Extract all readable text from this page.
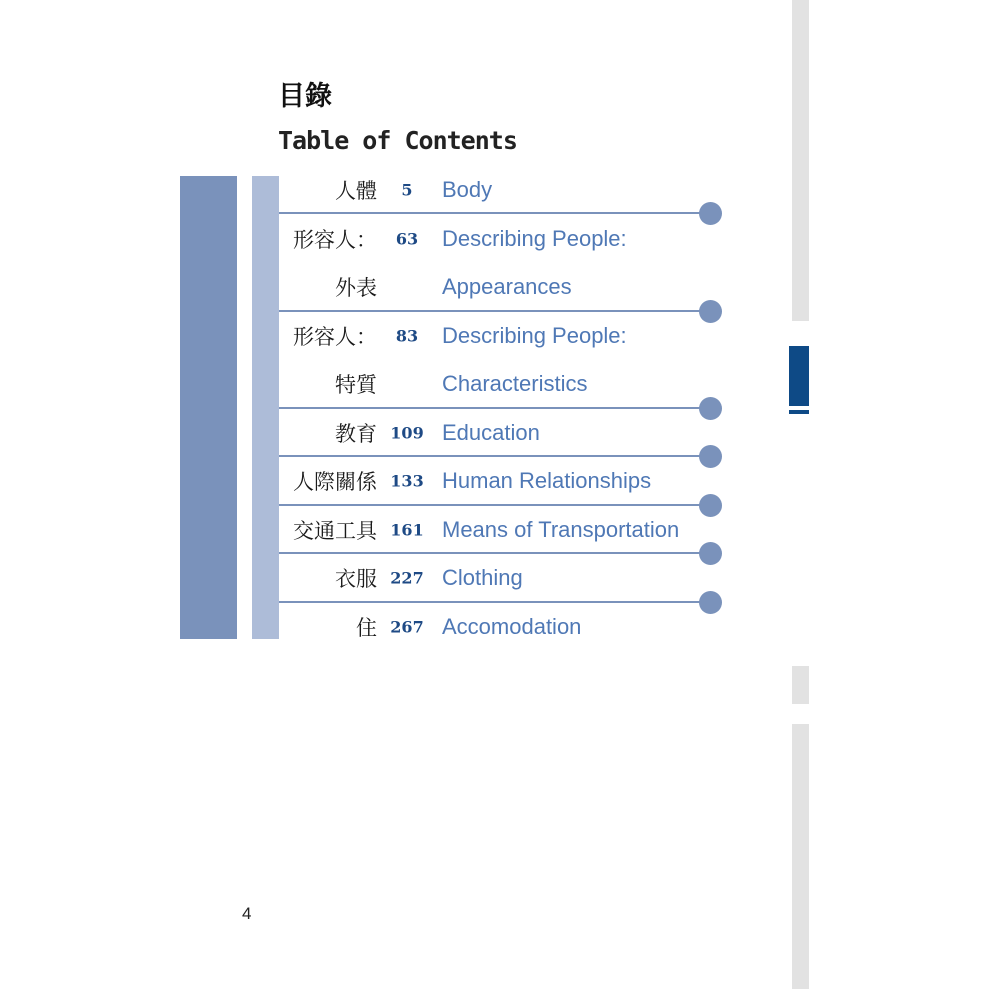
目錄
Table of Contents
人體	5	Body
形容人：	63	Describing People:
外表	Appearances
形容人：	83	Describing People:
特質	Characteristics
教育 109 Education
人際關係 133 Human Relationships
交通工具 161 Means of Transportation
衣服 227 Clothing
住 267 Accomodation
4
